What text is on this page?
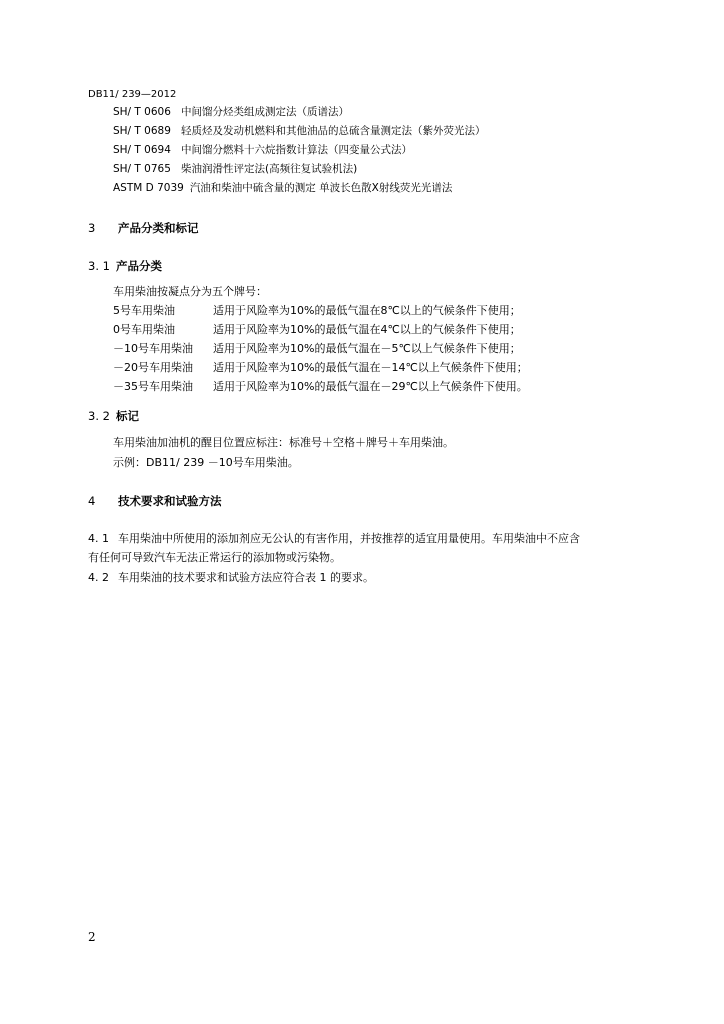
DB11/ 239—2012
SH/ T 0606 中间馏分烃类组成测定法（质谱法）
SH/ T 0689 轻质烃及发动机燃料和其他油品的总硫含量测定法（紫外荧光法）
SH/ T 0694 中间馏分燃料十六烷指数计算法（四变量公式法）
SH/ T 0765 柴油润滑性评定法(高频往复试验机法)
ASTM D 7039 汽油和柴油中硫含量的测定 单波长色散X射线荧光光谱法
3 产品分类和标记
3. 1 产品分类
车用柴油按凝点分为五个牌号：
5号车用柴油	适用于风险率为10%的最低气温在8℃以上的气候条件下使用；
0号车用柴油	适用于风险率为10%的最低气温在4℃以上的气候条件下使用；
－10号车用柴油 适用于风险率为10%的最低气温在－5℃以上气候条件下使用；
－20号车用柴油 适用于风险率为10%的最低气温在－14℃以上气候条件下使用；
－35号车用柴油 适用于风险率为10%的最低气温在－29℃以上气候条件下使用。
3. 2 标记
车用柴油加油机的醒目位置应标注：标准号＋空格＋牌号＋车用柴油。
示例：DB11/ 239 －10号车用柴油。
4 技术要求和试验方法
4. 1 车用柴油中所使用的添加剂应无公认的有害作用，并按推荐的适宜用量使用。车用柴油中不应含
有任何可导致汽车无法正常运行的添加物或污染物。
4. 2 车用柴油的技术要求和试验方法应符合表 1 的要求。
2
